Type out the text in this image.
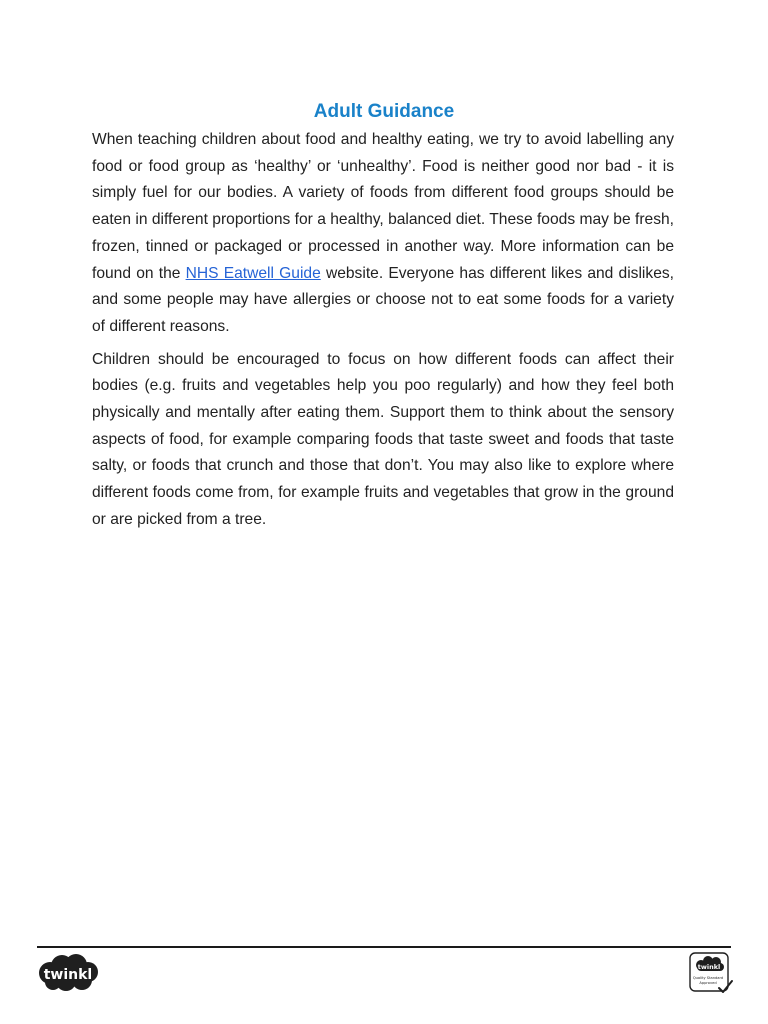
Adult Guidance

When teaching children about food and healthy eating, we try to avoid labelling any food or food group as ‘healthy’ or ‘unhealthy’. Food is neither good nor bad - it is simply fuel for our bodies. A variety of foods from different food groups should be eaten in different proportions for a healthy, balanced diet. These foods may be fresh, frozen, tinned or packaged or processed in another way. More information can be found on the NHS Eatwell Guide website. Everyone has different likes and dislikes, and some people may have allergies or choose not to eat some foods for a variety of different reasons.

Children should be encouraged to focus on how different foods can affect their bodies (e.g. fruits and vegetables help you poo regularly) and how they feel both physically and mentally after eating them. Support them to think about the sensory aspects of food, for example comparing foods that taste sweet and foods that taste salty, or foods that crunch and those that don’t. You may also like to explore where different foods come from, for example fruits and vegetables that grow in the ground or are picked from a tree.

twinkl	twinkl
Quality Standard
Approved
